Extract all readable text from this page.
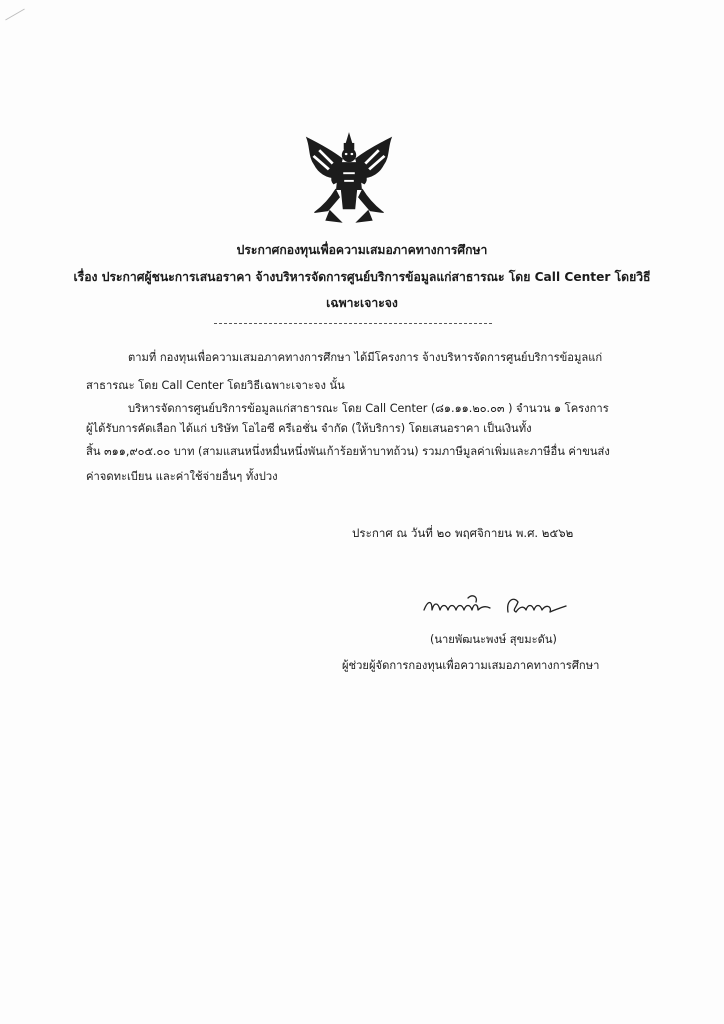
ประกาศกองทุนเพื่อความเสมอภาคทางการศึกษา
เรื่อง ประกาศผู้ชนะการเสนอราคา จ้างบริหารจัดการศูนย์บริการข้อมูลแก่สาธารณะ โดย Call Center โดยวิธี
เฉพาะเจาะจง
ตามที่ กองทุนเพื่อความเสมอภาคทางการศึกษา ได้มีโครงการ จ้างบริหารจัดการศูนย์บริการข้อมูลแก่
สาธารณะ โดย Call Center โดยวิธีเฉพาะเจาะจง นั้น
บริหารจัดการศูนย์บริการข้อมูลแก่สาธารณะ โดย Call Center (๘๑.๑๑.๒๐.๐๓ ) จำนวน ๑ โครงการ
ผู้ได้รับการคัดเลือก ได้แก่ บริษัท โอไอซี ครีเอชั่น จำกัด (ให้บริการ) โดยเสนอราคา เป็นเงินทั้ง
สิ้น ๓๑๑,๙๐๕.๐๐ บาท (สามแสนหนึ่งหมื่นหนึ่งพันเก้าร้อยห้าบาทถ้วน) รวมภาษีมูลค่าเพิ่มและภาษีอื่น ค่าขนส่ง
ค่าจดทะเบียน และค่าใช้จ่ายอื่นๆ ทั้งปวง
ประกาศ ณ วันที่ ๒๐ พฤศจิกายน พ.ศ. ๒๕๖๒
(นายพัฒนะพงษ์ สุขมะดัน)
ผู้ช่วยผู้จัดการกองทุนเพื่อความเสมอภาคทางการศึกษา
